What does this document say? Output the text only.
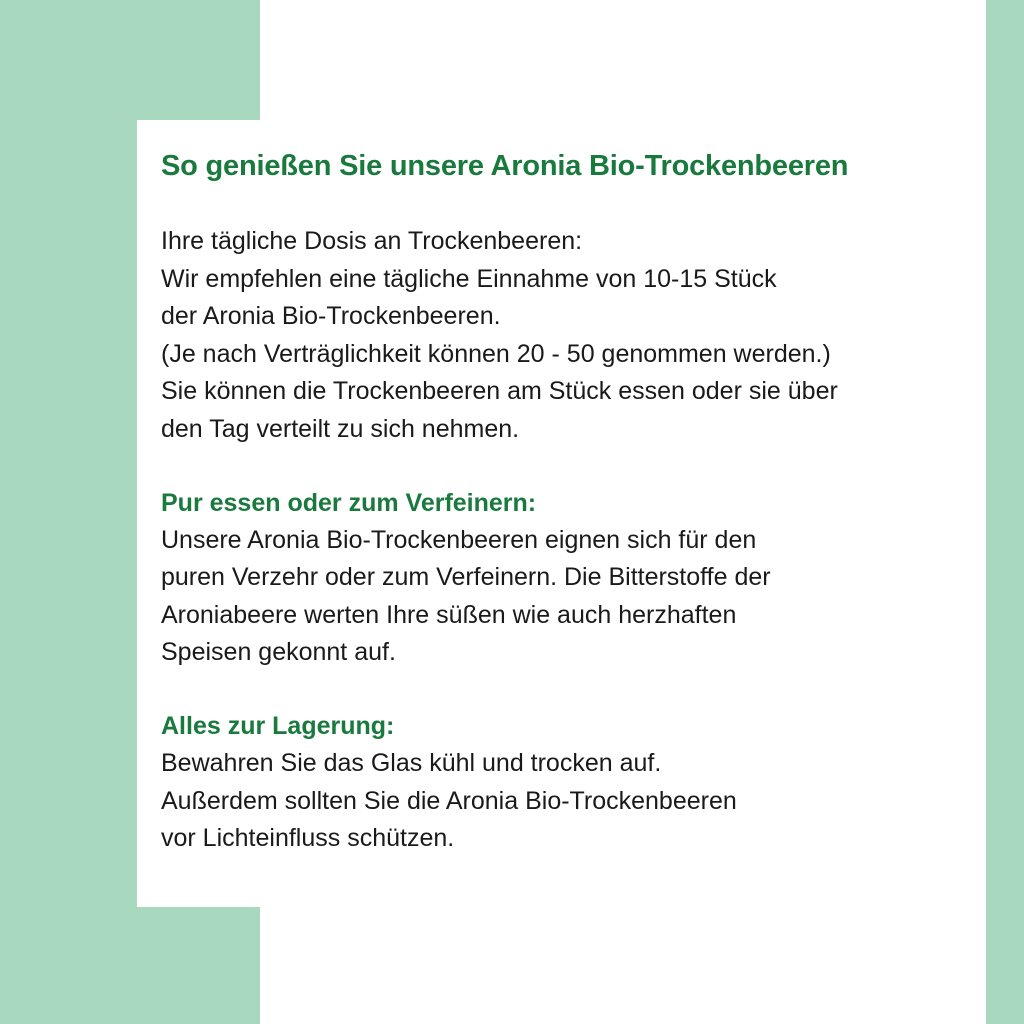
So genießen Sie unsere Aronia Bio-Trockenbeeren
Ihre tägliche Dosis an Trockenbeeren:
Wir empfehlen eine tägliche Einnahme von 10-15 Stück
der Aronia Bio-Trockenbeeren.
(Je nach Verträglichkeit können 20 - 50 genommen werden.)
Sie können die Trockenbeeren am Stück essen oder sie über
den Tag verteilt zu sich nehmen.
Pur essen oder zum Verfeinern:
Unsere Aronia Bio-Trockenbeeren eignen sich für den
puren Verzehr oder zum Verfeinern. Die Bitterstoffe der
Aroniabeere werten Ihre süßen wie auch herzhaften
Speisen gekonnt auf.
Alles zur Lagerung:
Bewahren Sie das Glas kühl und trocken auf.
Außerdem sollten Sie die Aronia Bio-Trockenbeeren
vor Lichteinfluss schützen.
